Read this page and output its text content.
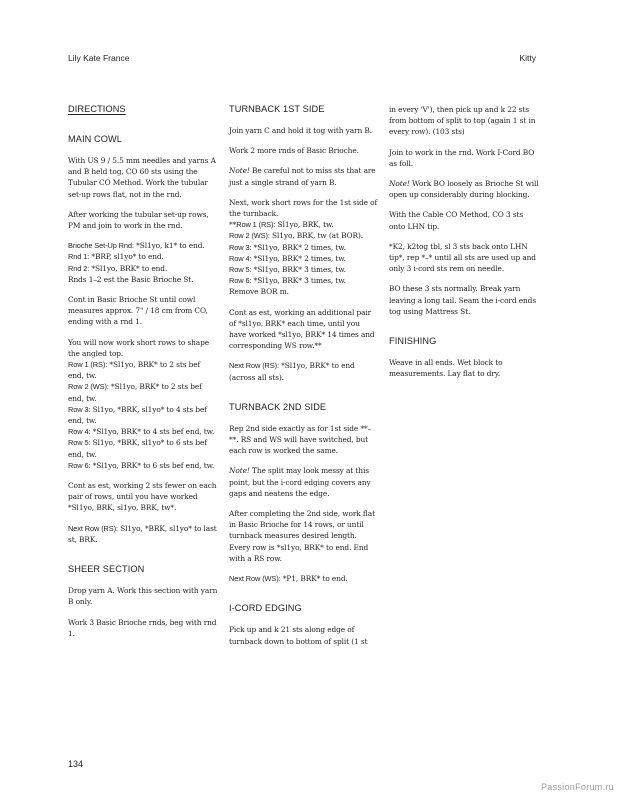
Lily Kate France	Kitty
DIRECTIONS
MAIN COWL

With US 9 / 5.5 mm needles and yarns A and B held tog, CO 60 sts using the Tubular CO Method. Work the tubular set-up rows flat, not in the rnd.

After working the tubular set-up rows, PM and join to work in the rnd.

Brioche Set-Up Rnd: *Sl1yo, k1* to end.
Rnd 1: *BRP, sl1yo* to end.
Rnd 2: *Sl1yo, BRK* to end.
Rnds 1–2 est the Basic Brioche St.

Cont in Basic Brioche St until cowl measures approx. 7" / 18 cm from CO, ending with a rnd 1.

You will now work short rows to shape the angled top.
Row 1 (RS): *Sl1yo, BRK* to 2 sts bef end, tw.
Row 2 (WS): *Sl1yo, BRK* to 2 sts bef end, tw.
Row 3: Sl1yo, *BRK, sl1yo* to 4 sts bef end, tw.
Row 4: *Sl1yo, BRK* to 4 sts bef end, tw.
Row 5: Sl1yo, *BRK, sl1yo* to 6 sts bef end, tw.
Row 6: *Sl1yo, BRK* to 6 sts bef end, tw.

Cont as est, working 2 sts fewer on each pair of rows, until you have worked *Sl1yo, BRK, sl1yo, BRK, tw*.

Next Row (RS): Sl1yo, *BRK, sl1yo* to last st, BRK.

SHEER SECTION

Drop yarn A. Work this section with yarn B only.

Work 3 Basic Brioche rnds, beg with rnd 1.

TURNBACK 1ST SIDE

Join yarn C and hold it tog with yarn B.

Work 2 more rnds of Basic Brioche.

Note! Be careful not to miss sts that are just a single strand of yarn B.

Next, work short rows for the 1st side of the turnback.
**Row 1 (RS): Sl1yo, BRK, tw.
Row 2 (WS): Sl1yo, BRK, tw (at BOR).
Row 3: *Sl1yo, BRK* 2 times, tw.
Row 4: *Sl1yo, BRK* 2 times, tw.
Row 5: *Sl1yo, BRK* 3 times, tw.
Row 6: *Sl1yo, BRK* 3 times, tw.
Remove BOR m.

Cont as est, working an additional pair of *sl1yo, BRK* each time, until you have worked *sl1yo, BRK* 14 times and corresponding WS row.**

Next Row (RS): *Sl1yo, BRK* to end (across all sts).

TURNBACK 2ND SIDE

Rep 2nd side exactly as for 1st side **–**. RS and WS will have switched, but each row is worked the same.

Note! The split may look messy at this point, but the i-cord edging covers any gaps and neatens the edge.

After completing the 2nd side, work flat in Basic Brioche for 14 rows, or until turnback measures desired length. Every row is *sl1yo, BRK* to end. End with a RS row.

Next Row (WS): *P1, BRK* to end.

I-CORD EDGING

Pick up and k 21 sts along edge of turnback down to bottom of split (1 st

in every 'V'), then pick up and k 22 sts from bottom of split to top (again 1 st in every row). (103 sts)

Join to work in the rnd. Work I-Cord BO as foll.

Note! Work BO loosely as Brioche St will open up considerably during blocking.

With the Cable CO Method, CO 3 sts onto LHN tip.

*K2, k2tog tbl, sl 3 sts back onto LHN tip*, rep *–* until all sts are used up and only 3 i-cord sts rem on needle.

BO these 3 sts normally. Break yarn leaving a long tail. Seam the i-cord ends tog using Mattress St.

FINISHING

Weave in all ends. Wet block to measurements. Lay flat to dry.

134
PassionForum.ru
